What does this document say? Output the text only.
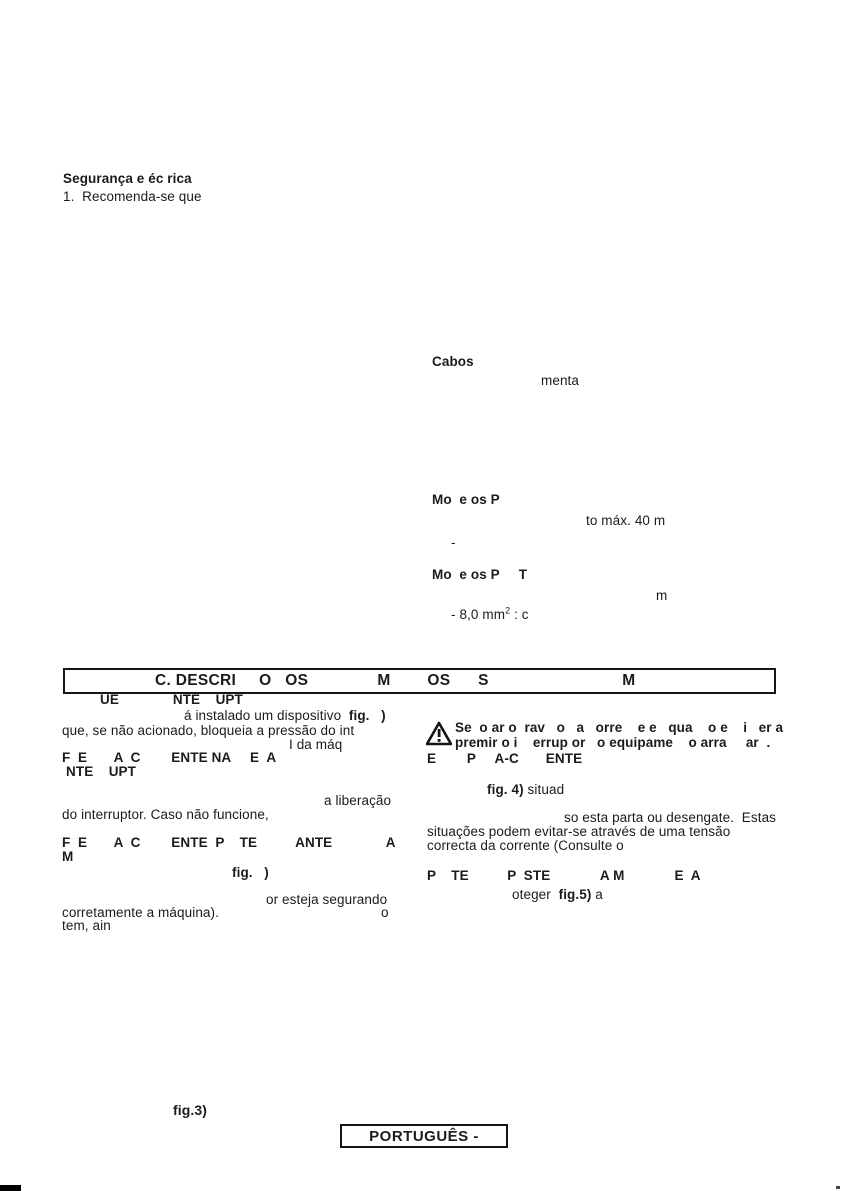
Segurança e éc rica
1.  Recomenda-se que
Cabos
menta
Mo  e os P
to máx. 40 m
-
Mo  e os P     T
m
- 8,0 $mm^2$ : c
C. DESCRI     O   OS               M        OS      S                             M
UE              NTE    UPT
á instalado um dispositivo  fig.   )
que, se não acionado, bloqueia a pressão do int
I da máq
F  E       A  C        ENTE NA     E  A
NTE    UPT
a liberação
do interruptor. Caso não funcione,
F  E       A  C        ENTE  P    TE          ANTE              A
M
fig.   )
or esteja segurando
corretamente a máquina).	o
tem, ain
Se  o ar o  rav   o   a   orre    e e   qua    o e    i   er a
premir o i    errup or   o equipame    o arra     ar  .
E        P     A-C       ENTE
fig. 4) situad
so esta parta ou desengate.  Estas
situações podem evitar-se através de uma tensão
correcta da corrente (Consulte o
P    TE          P  STE             A M             E  A
oteger  fig.5) a
fig.3)
PORTUGUÊS -
